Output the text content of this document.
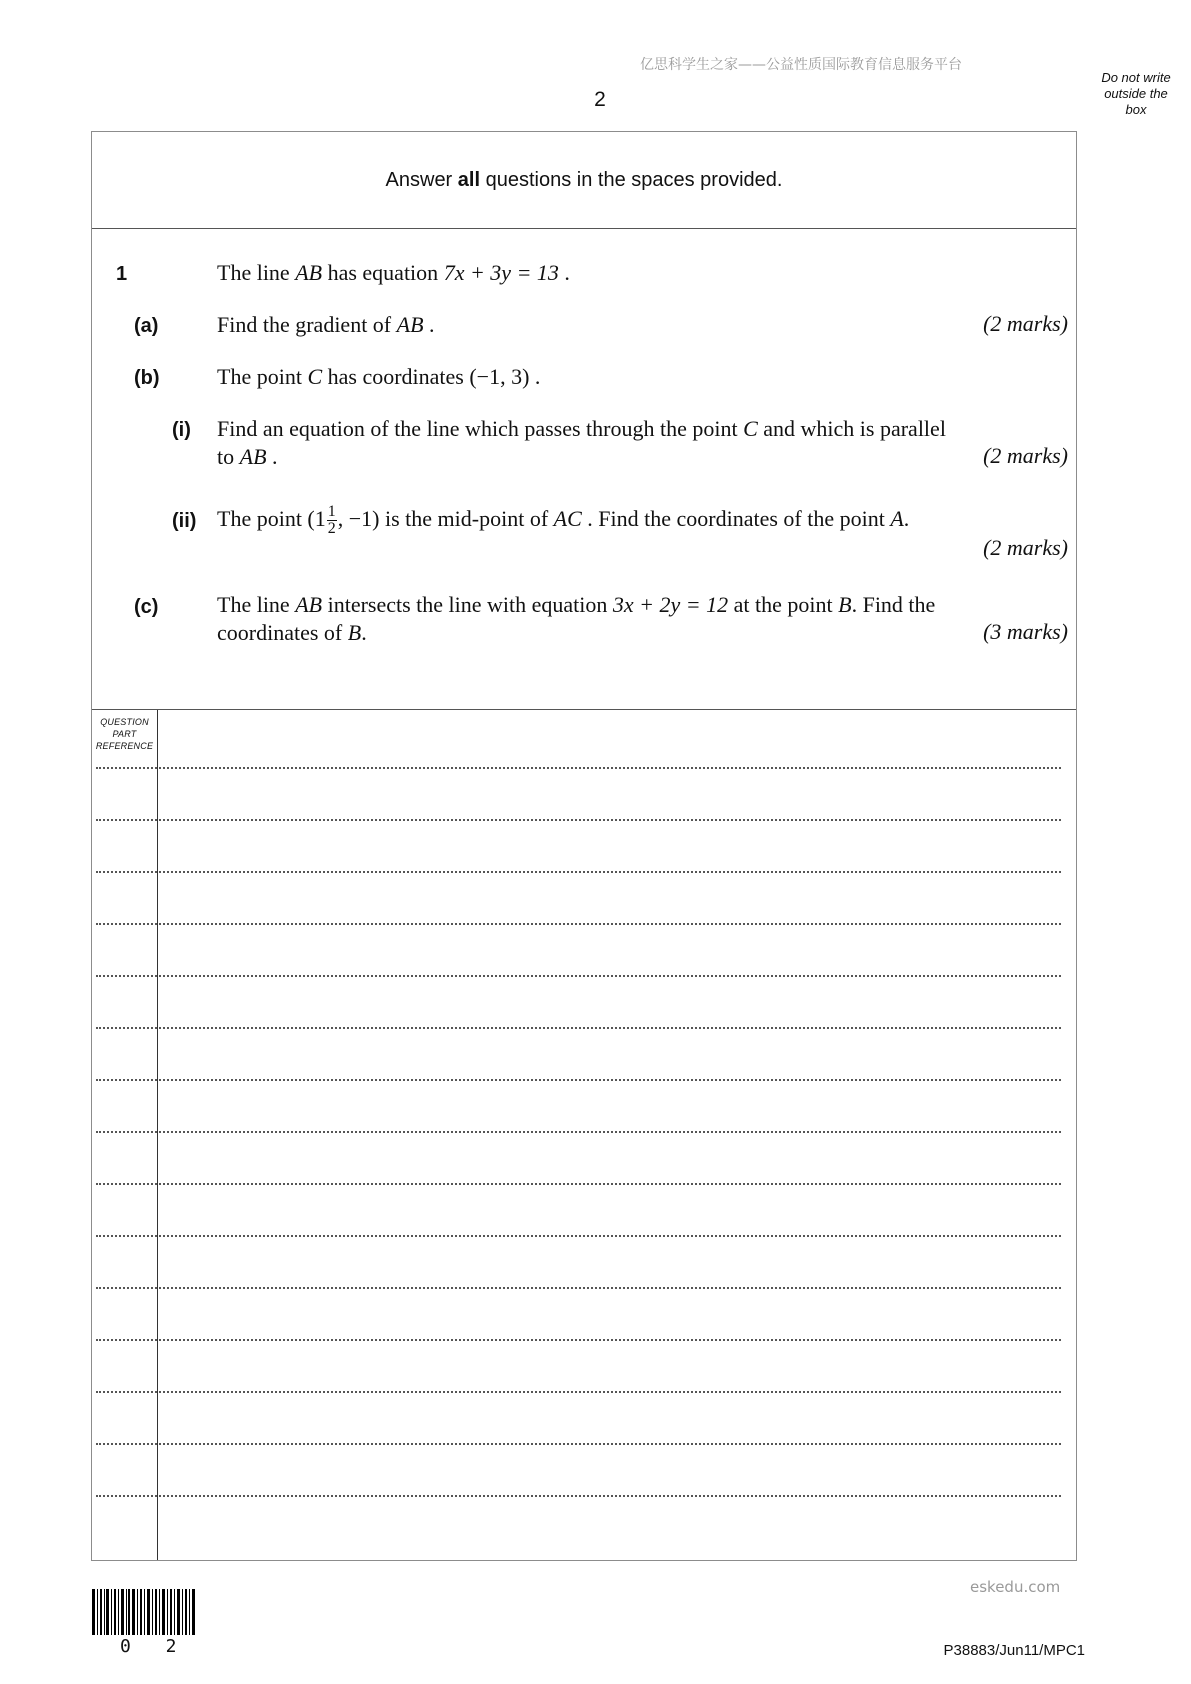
亿思科学生之家——公益性质国际教育信息服务平台
2
Do not write
outside the
box
Answer all questions in the spaces provided.
1	The line AB has equation 7x + 3y = 13 .
(a)	Find the gradient of AB .	(2 marks)
(b)	The point C has coordinates (−1, 3) .
(i) Find an equation of the line which passes through the point C and which is parallel
to AB .	(2 marks)
(ii) The point ($1 \frac{1}{2}$ , −1) is the mid-point of AC . Find the coordinates of the point A.
(2 marks)
(c)	The line AB intersects the line with equation 3x + 2y = 12 at the point B. Find the
coordinates of B.	(3 marks)
QUESTION
PART
REFERENCE
0 2
eskedu.com
P38883/Jun11/MPC1
